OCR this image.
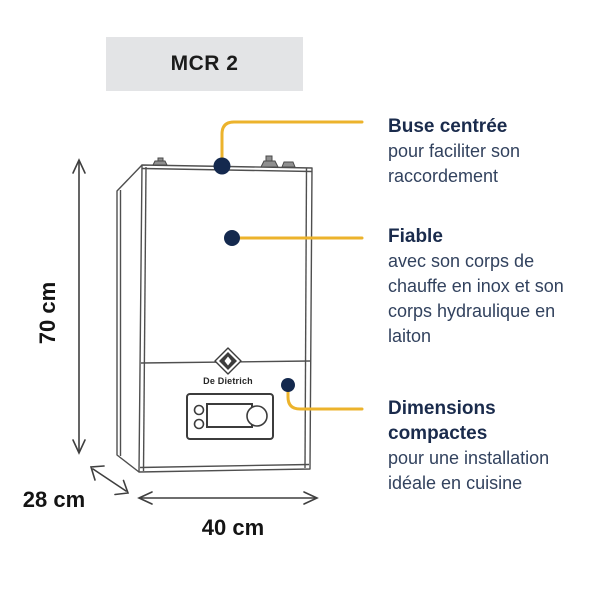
MCR 2
De Dietrich
70 cm
28 cm
40 cm
Buse centrée

pour faciliter son
raccordement

Fiable

avec son corps de
chauffe en inox et son
corps hydraulique en
laiton

Dimensions compactes

pour une installation
idéale en cuisine
